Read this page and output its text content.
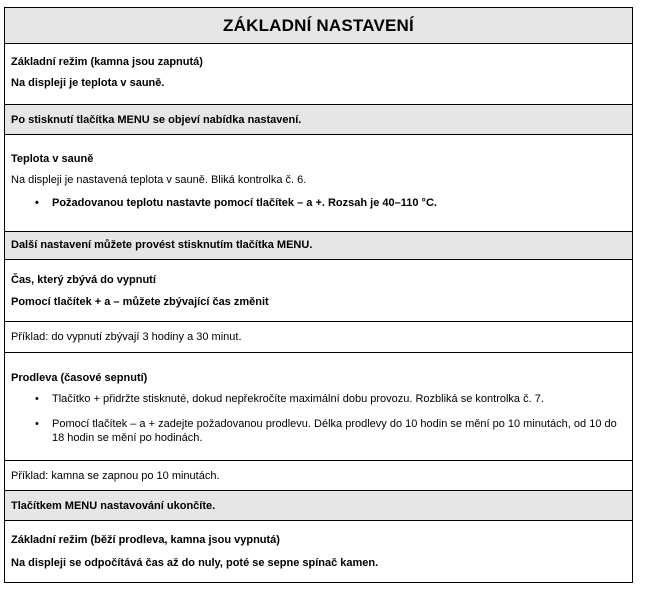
ZÁKLADNÍ NASTAVENÍ

Základní režim (kamna jsou zapnutá)

Na displeji je teplota v sauně.

Po stisknutí tlačítka MENU se objeví nabídka nastavení.

Teplota v sauně

Na displeji je nastavená teplota v sauně. Bliká kontrolka č. 6.

• Požadovanou teplotu nastavte pomocí tlačítek – a +. Rozsah je 40–110 °C.

Další nastavení můžete provést stisknutím tlačítka MENU.

Čas, který zbývá do vypnutí

Pomocí tlačítek + a – můžete zbývající čas změnit

Příklad: do vypnutí zbývají 3 hodiny a 30 minut.

Prodleva (časové sepnutí)

• Tlačítko + přidržte stisknuté, dokud nepřekročíte maximální dobu provozu. Rozbliká se kontrolka č. 7.
• Pomocí tlačítek – a + zadejte požadovanou prodlevu. Délka prodlevy do 10 hodin se mění po 10 minutách, od 10 do 18 hodin se mění po hodinách.

Příklad: kamna se zapnou po 10 minutách.

Tlačítkem MENU nastavování ukončíte.

Základní režim (běží prodleva, kamna jsou vypnutá)

Na displeji se odpočítává čas až do nuly, poté se sepne spínač kamen.
